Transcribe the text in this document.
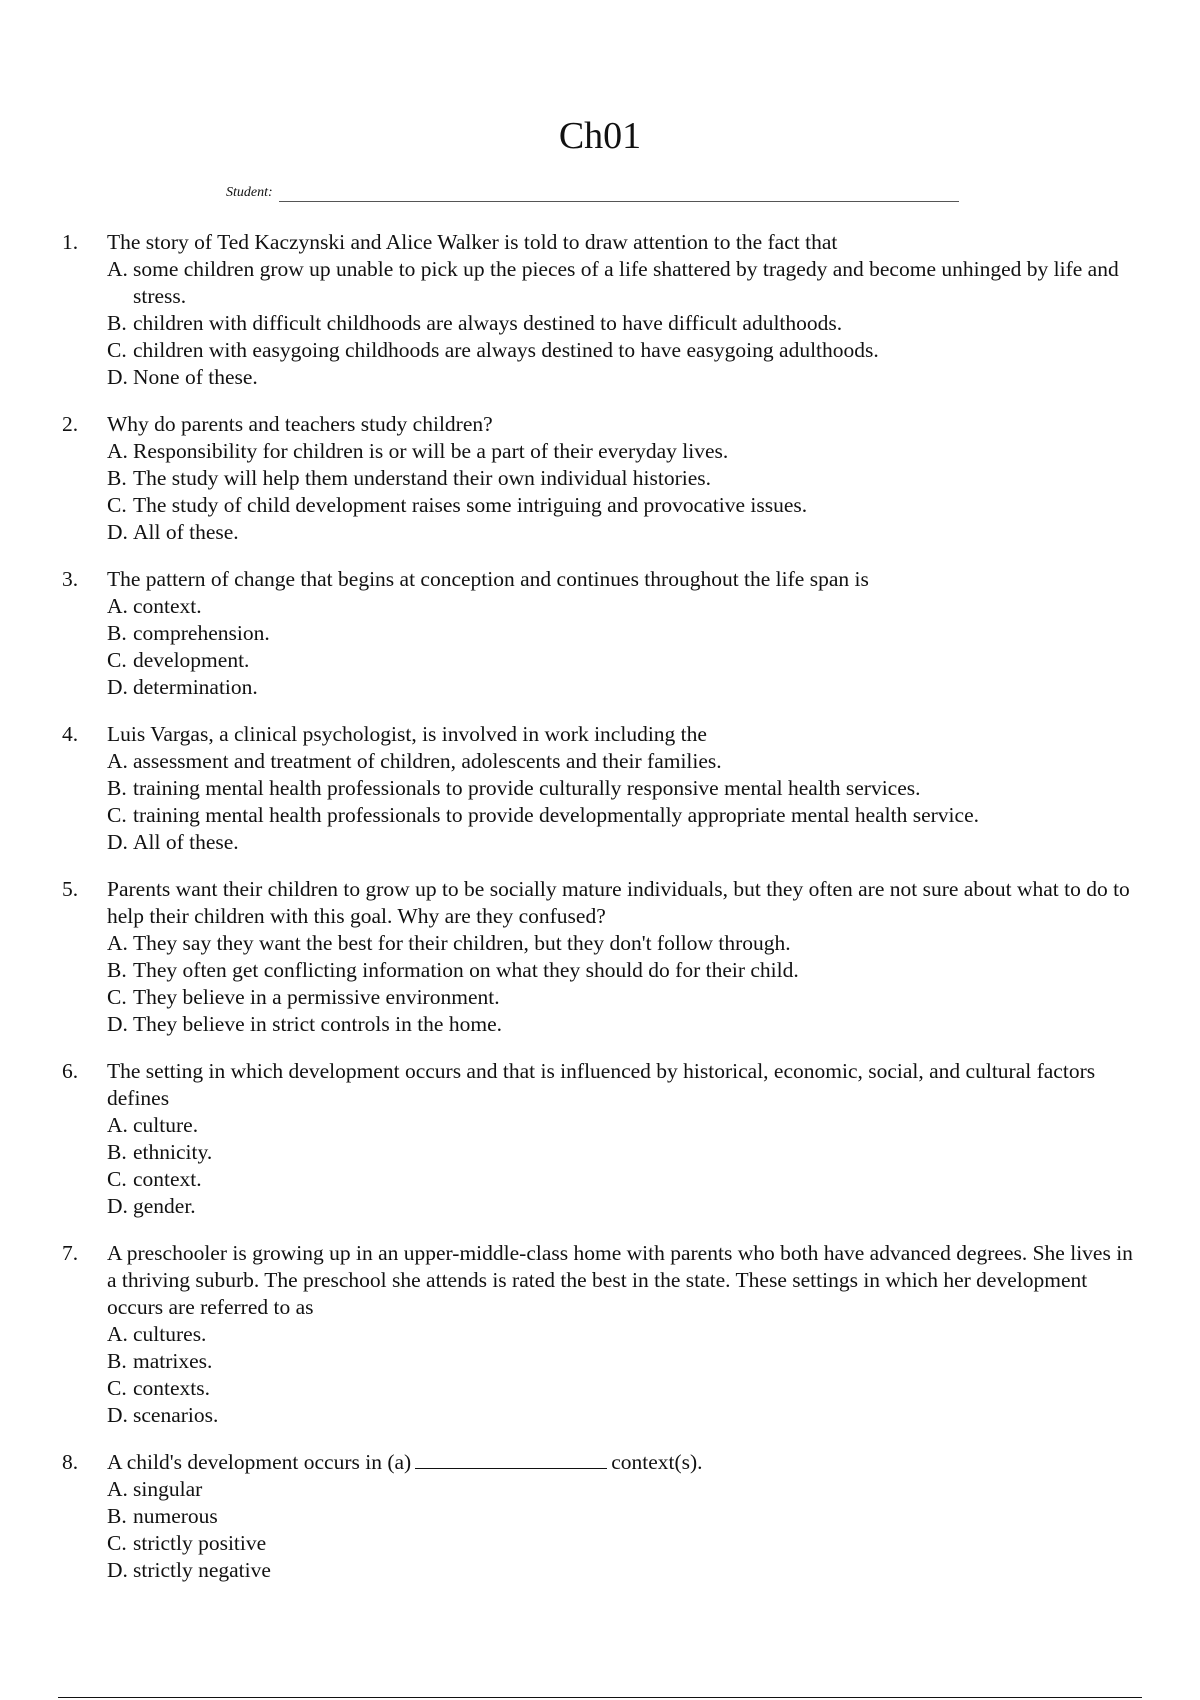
Ch01
Student:
1.	The story of Ted Kaczynski and Alice Walker is told to draw attention to the fact that
A. some children grow up unable to pick up the pieces of a life shattered by tragedy and become unhinged by life and stress.
B. children with difficult childhoods are always destined to have difficult adulthoods.
C. children with easygoing childhoods are always destined to have easygoing adulthoods.
D. None of these.
2.	Why do parents and teachers study children?
A. Responsibility for children is or will be a part of their everyday lives.
B. The study will help them understand their own individual histories.
C. The study of child development raises some intriguing and provocative issues.
D. All of these.
3.	The pattern of change that begins at conception and continues throughout the life span is
A. context.
B. comprehension.
C. development.
D. determination.
4.	Luis Vargas, a clinical psychologist, is involved in work including the
A. assessment and treatment of children, adolescents and their families.
B. training mental health professionals to provide culturally responsive mental health services.
C. training mental health professionals to provide developmentally appropriate mental health service.
D. All of these.
5.	Parents want their children to grow up to be socially mature individuals, but they often are not sure about what to do to help their children with this goal. Why are they confused?
A. They say they want the best for their children, but they don't follow through.
B. They often get conflicting information on what they should do for their child.
C. They believe in a permissive environment.
D. They believe in strict controls in the home.
6.	The setting in which development occurs and that is influenced by historical, economic, social, and cultural factors defines
A. culture.
B. ethnicity.
C. context.
D. gender.
7.	A preschooler is growing up in an upper-middle-class home with parents who both have advanced degrees. She lives in a thriving suburb. The preschool she attends is rated the best in the state. These settings in which her development occurs are referred to as
A. cultures.
B. matrixes.
C. contexts.
D. scenarios.
8.	A child's development occurs in (a)	context(s).
A. singular
B. numerous
C. strictly positive
D. strictly negative
